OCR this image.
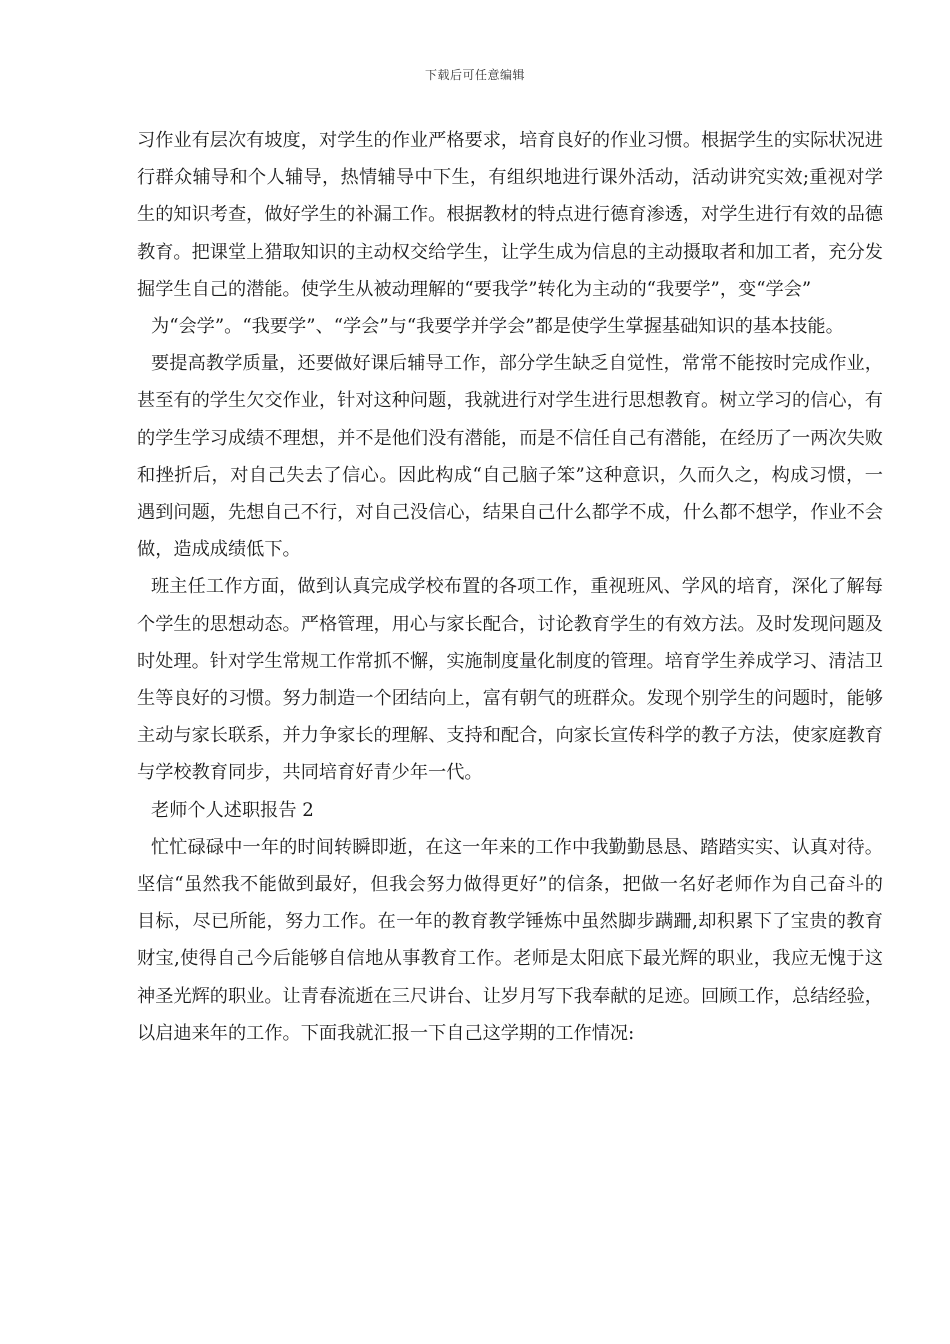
下载后可任意编辑

习作业有层次有坡度，对学生的作业严格要求，培育良好的作业习惯。根据学生的实际状况进行群众辅导和个人辅导，热情辅导中下生，有组织地进行课外活动，活动讲究实效;重视对学生的知识考查，做好学生的补漏工作。根据教材的特点进行德育渗透，对学生进行有效的品德教育。把课堂上猎取知识的主动权交给学生，让学生成为信息的主动摄取者和加工者，充分发掘学生自己的潜能。使学生从被动理解的“要我学”转化为主动的“我要学”，变“学会”

为“会学”。“我要学”、“学会”与“我要学并学会”都是使学生掌握基础知识的基本技能。

要提高教学质量，还要做好课后辅导工作，部分学生缺乏自觉性，常常不能按时完成作业，甚至有的学生欠交作业，针对这种问题，我就进行对学生进行思想教育。树立学习的信心，有的学生学习成绩不理想，并不是他们没有潜能，而是不信任自己有潜能，在经历了一两次失败和挫折后，对自己失去了信心。因此构成“自己脑子笨”这种意识，久而久之，构成习惯，一遇到问题，先想自己不行，对自己没信心，结果自己什么都学不成，什么都不想学，作业不会做，造成成绩低下。

班主任工作方面，做到认真完成学校布置的各项工作，重视班风、学风的培育，深化了解每个学生的思想动态。严格管理，用心与家长配合，讨论教育学生的有效方法。及时发现问题及时处理。针对学生常规工作常抓不懈，实施制度量化制度的管理。培育学生养成学习、清洁卫生等良好的习惯。努力制造一个团结向上，富有朝气的班群众。发现个别学生的问题时，能够主动与家长联系，并力争家长的理解、支持和配合，向家长宣传科学的教子方法，使家庭教育与学校教育同步，共同培育好青少年一代。

老师个人述职报告 2

忙忙碌碌中一年的时间转瞬即逝，在这一年来的工作中我勤勤恳恳、踏踏实实、认真对待。坚信“虽然我不能做到最好，但我会努力做得更好”的信条，把做一名好老师作为自己奋斗的目标，尽已所能，努力工作。在一年的教育教学锤炼中虽然脚步蹒跚,却积累下了宝贵的教育财宝,使得自己今后能够自信地从事教育工作。老师是太阳底下最光辉的职业，我应无愧于这神圣光辉的职业。让青春流逝在三尺讲台、让岁月写下我奉献的足迹。回顾工作，总结经验，以启迪来年的工作。下面我就汇报一下自己这学期的工作情况:
